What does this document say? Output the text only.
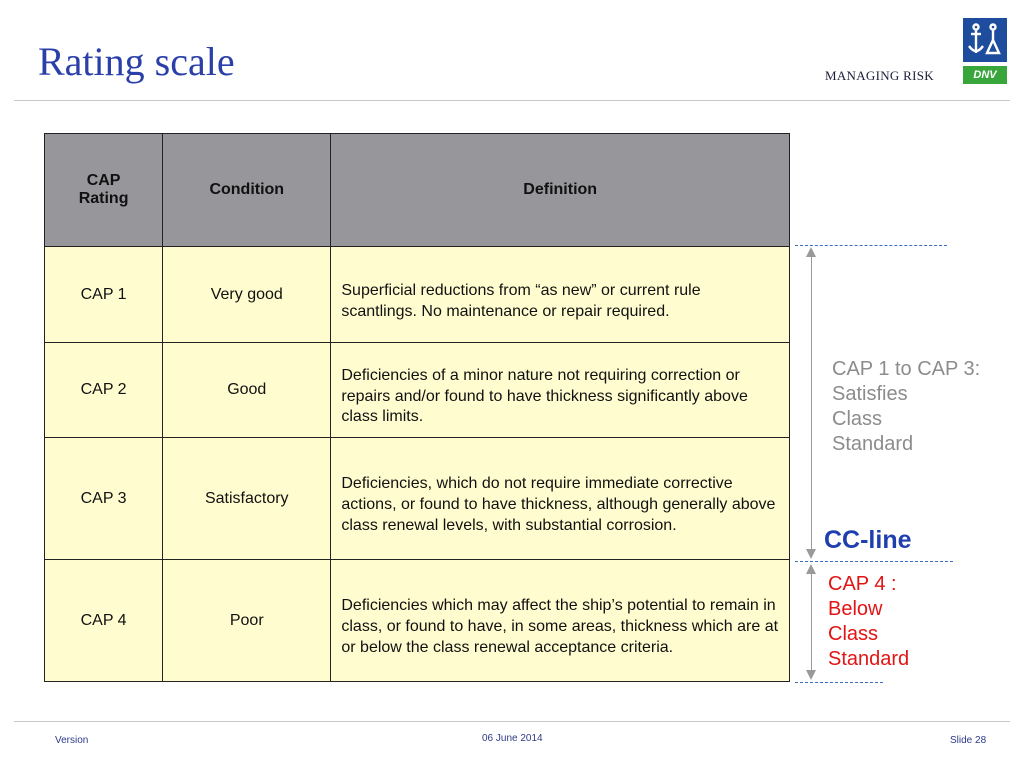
Rating scale	MANAGING RISK	DNV
CAP
Rating	Condition	Definition
CAP 1	Very good	Superficial reductions from “as new” or current rule scantlings. No maintenance or repair required.
CAP 2	Good	Deficiencies of a minor nature not requiring correction or repairs and/or found to have thickness significantly above class limits.
CAP 3	Satisfactory	Deficiencies, which do not require immediate corrective actions, or found to have thickness, although generally above class renewal levels, with substantial corrosion.
CAP 4	Poor	Deficiencies which may affect the ship’s potential to remain in class, or found to have, in some areas, thickness which are at or below the class renewal acceptance criteria.
CAP 1 to CAP 3:
Satisfies
Class
Standard
CC-line
CAP 4 :
Below
Class
Standard
Version	06 June 2014	Slide 28
